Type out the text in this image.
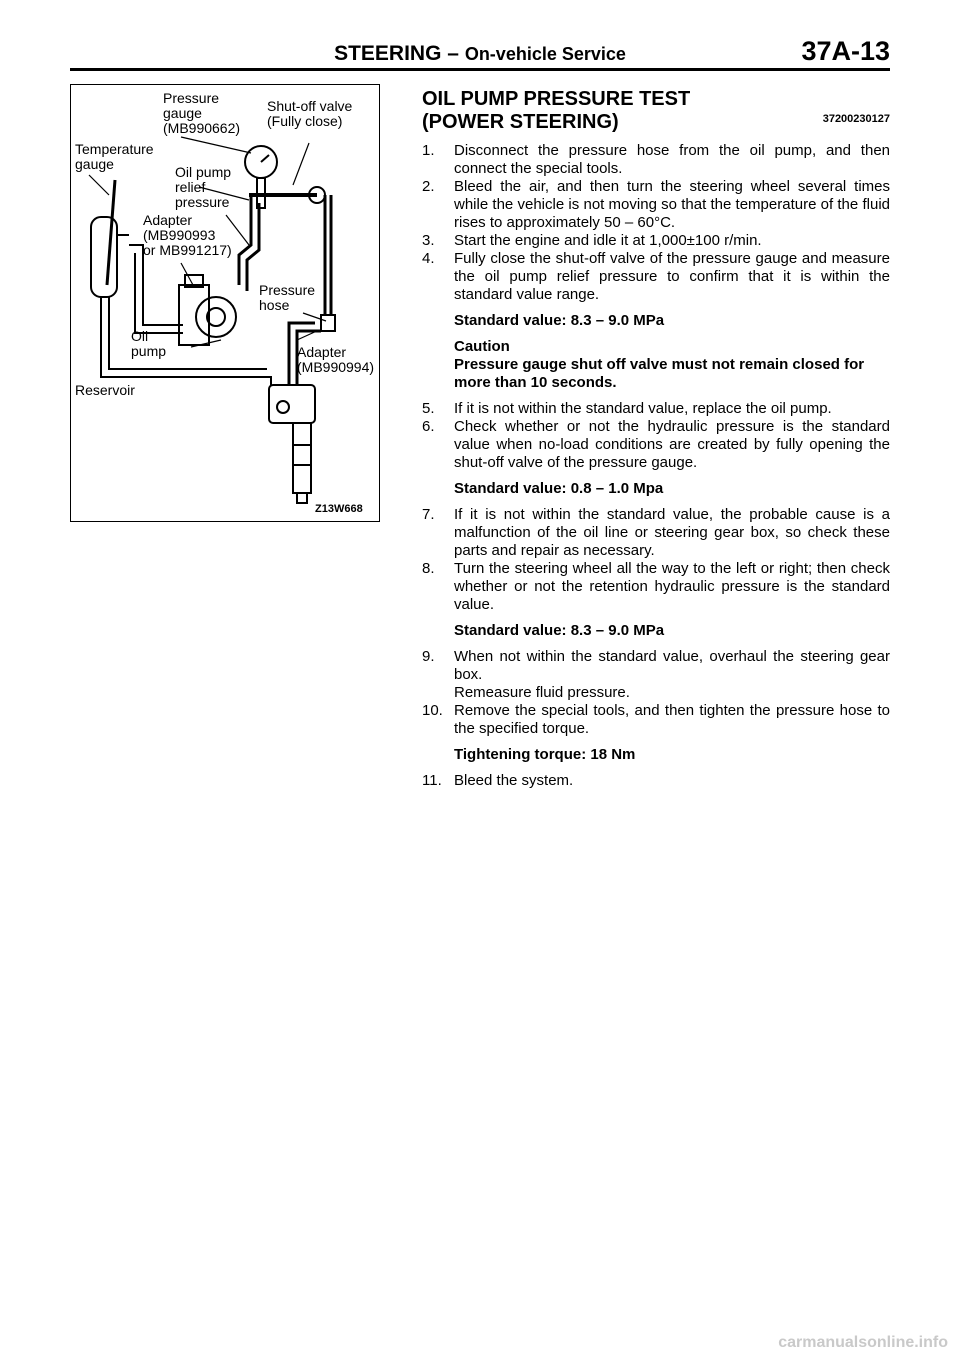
STEERING – On-vehicle Service	37A-13
Pressure
gauge
(MB990662)
Shut-off valve
(Fully close)
Temperature
gauge	Oil pump
relief
pressure
Adapter
(MB990993
or MB991217)
Pressure
hose
Oil
pump	Adapter
(MB990994)
Reservoir
Z13W668
OIL PUMP PRESSURE TEST
(POWER STEERING)	37200230127
1. Disconnect the pressure hose from the oil pump, and then connect the special tools.
2. Bleed the air, and then turn the steering wheel several times while the vehicle is not moving so that the temperature of the fluid rises to approximately 50 – 60°C.
3. Start the engine and idle it at 1,000±100 r/min.
4. Fully close the shut-off valve of the pressure gauge and measure the oil pump relief pressure to confirm that it is within the standard value range.
Standard value: 8.3 – 9.0 MPa
Caution
Pressure gauge shut off valve must not remain closed for more than 10 seconds.
5. If it is not within the standard value, replace the oil pump.
6. Check whether or not the hydraulic pressure is the standard value when no-load conditions are created by fully opening the shut-off valve of the pressure gauge.
Standard value: 0.8 – 1.0 Mpa
7. If it is not within the standard value, the probable cause is a malfunction of the oil line or steering gear box, so check these parts and repair as necessary.
8. Turn the steering wheel all the way to the left or right; then check whether or not the retention hydraulic pressure is the standard value.
Standard value: 8.3 – 9.0 MPa
9. When not within the standard value, overhaul the steering gear box.
Remeasure fluid pressure.
10. Remove the special tools, and then tighten the pressure hose to the specified torque.
Tightening torque: 18 Nm
11. Bleed the system.
carmanualsonline.info
